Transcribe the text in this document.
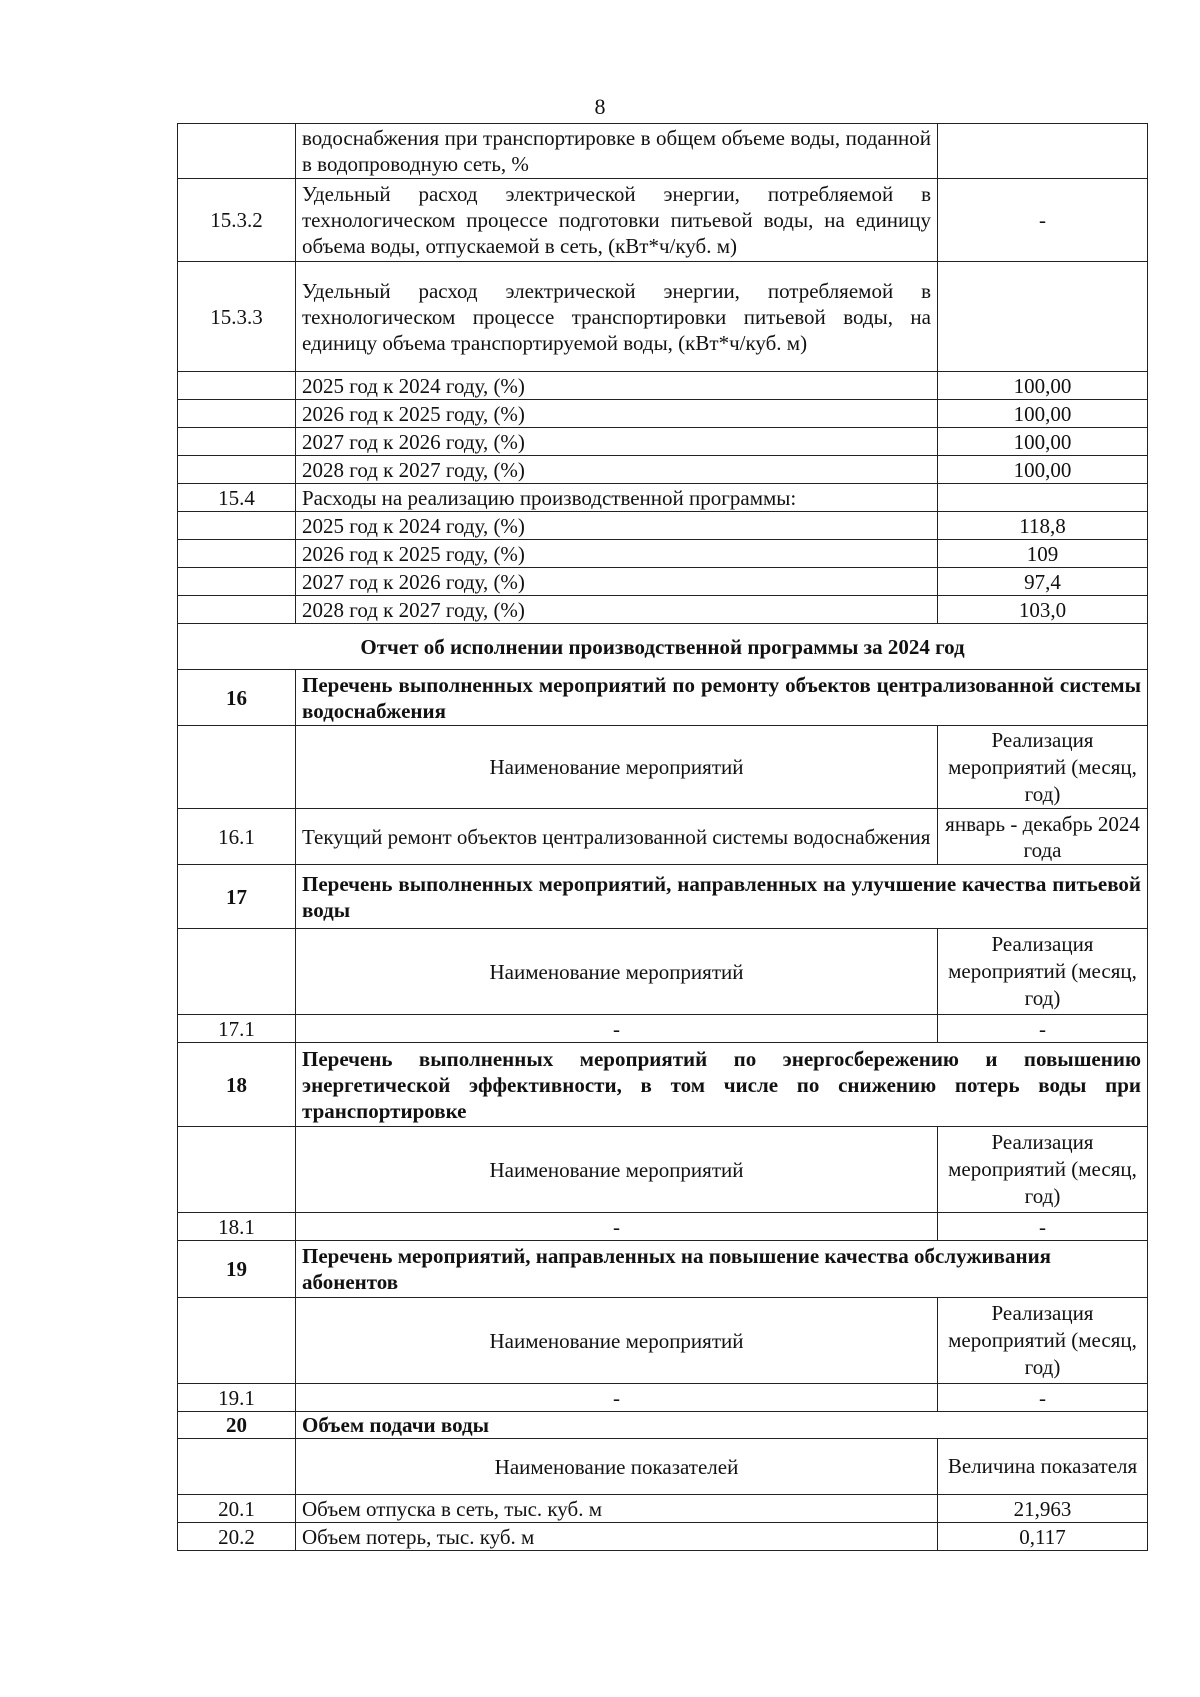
8
	водоснабжения при транспортировке в общем объеме воды, поданной в водопроводную сеть, %	
15.3.2	Удельный расход электрической энергии, потребляемой в технологическом процессе подготовки питьевой воды, на единицу объема воды, отпускаемой в сеть, (кВт*ч/куб. м)	-
15.3.3	Удельный расход электрической энергии, потребляемой в технологическом процессе транспортировки питьевой воды, на единицу объема транспортируемой воды, (кВт*ч/куб. м)	
	2025 год к 2024 году, (%)	100,00
	2026 год к 2025 году, (%)	100,00
	2027 год к 2026 году, (%)	100,00
	2028 год к 2027 году, (%)	100,00
15.4	Расходы на реализацию производственной программы:	
	2025 год к 2024 году, (%)	118,8
	2026 год к 2025 году, (%)	109
	2027 год к 2026 году, (%)	97,4
	2028 год к 2027 году, (%)	103,0
Отчет об исполнении производственной программы за 2024 год		
16	Перечень выполненных мероприятий по ремонту объектов централизованной системы водоснабжения	
	Наименование мероприятий	Реализация мероприятий (месяц, год)
16.1	Текущий ремонт объектов централизованной системы водоснабжения	январь - декабрь 2024 года
17	Перечень выполненных мероприятий, направленных на улучшение качества питьевой воды	
	Наименование мероприятий	Реализация мероприятий (месяц, год)
17.1	-	-
18	Перечень выполненных мероприятий по энергосбережению и повышению энергетической эффективности, в том числе по снижению потерь воды при транспортировке	
	Наименование мероприятий	Реализация мероприятий (месяц, год)
18.1	-	-
19	Перечень мероприятий, направленных на повышение качества обслуживания абонентов	
	Наименование мероприятий	Реализация мероприятий (месяц, год)
19.1	-	-
20	Объем подачи воды	
	Наименование показателей	Величина показателя
20.1	Объем отпуска в сеть, тыс. куб. м	21,963
20.2	Объем потерь, тыс. куб. м	0,117
